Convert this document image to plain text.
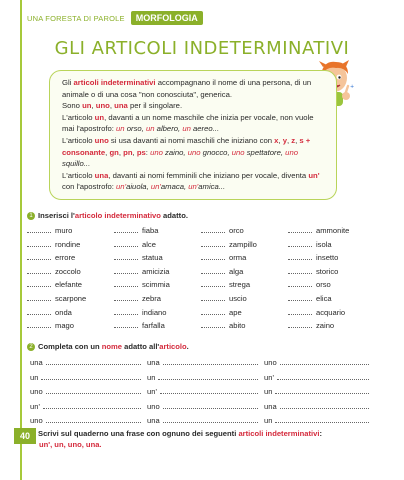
UNA FORESTA DI PAROLE	MORFOLOGIA
GLI ARTICOLI INDETERMINATIVI
+

Gli articoli indeterminativi accompagnano il nome di una persona, di un animale o di una cosa "non conosciuta", generica.

Sono un, uno, una per il singolare.

L'articolo un, davanti a un nome maschile che inizia per vocale, non vuole mai l'apostrofo: un orso, un albero, un aereo...

L'articolo uno si usa davanti ai nomi maschili che iniziano con x, y, z, s + consonante, gn, pn, ps: uno zaino, uno gnocco, uno spettatore, uno squillo...

L'articolo una, davanti ai nomi femminili che iniziano per vocale, diventa un' con l'apostrofo: un'aiuola, un'amaca, un'amica...

1 Inserisci l'articolo indeterminativo adatto.
muro	fiaba	orco	ammonite
rondine	alce	zampillo	isola
errore	statua	orma	insetto
zoccolo	amicizia	alga	storico
elefante	scimmia	strega	orso
scarpone	zebra	uscio	elica
onda	indiano	ape	acquario
mago	farfalla	abito	zaino
2 Completa con un nome adatto all'articolo.
una	una	uno
un	un	un'
uno	un'	un
un'	uno	una
uno	una	un
Scrivi sul quaderno una frase con ognuno dei seguenti articoli indeterminativi:
un', un, uno, una.
40
